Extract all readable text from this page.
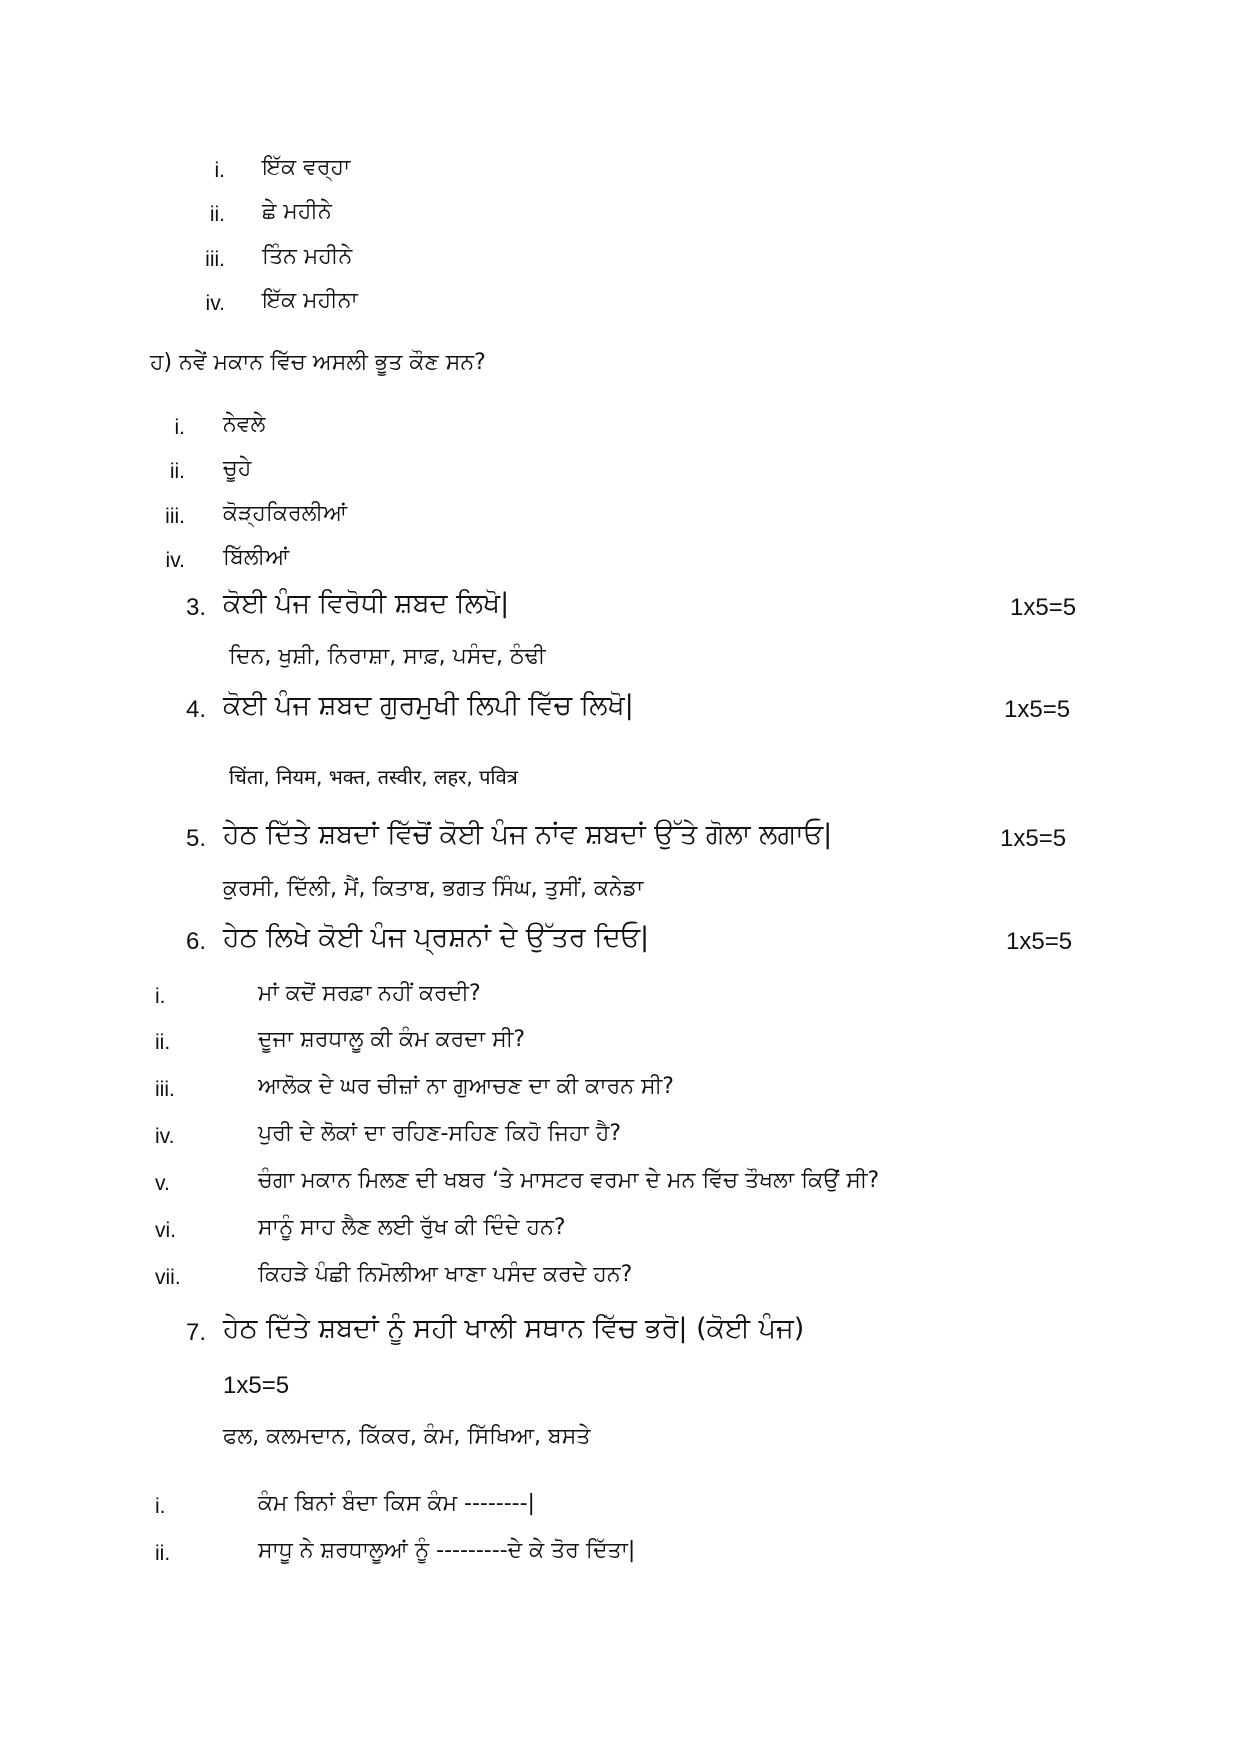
i. ਇੱਕ ਵਰ੍ਹਾ
ii. ਛੇ ਮਹੀਨੇ
iii. ਤਿੰਨ ਮਹੀਨੇ
iv. ਇੱਕ ਮਹੀਨਾ
ਹ) ਨਵੇਂ ਮਕਾਨ ਵਿੱਚ ਅਸਲੀ ਭੂਤ ਕੌਣ ਸਨ?
i. ਨੇਵਲੇ
ii. ਚੂਹੇ
iii. ਕੋੜ੍ਹਕਿਰਲੀਆਂ
iv. ਬਿੱਲੀਆਂ
3. ਕੋਈ ਪੰਜ ਵਿਰੋਧੀ ਸ਼ਬਦ ਲਿਖੋ|	1x5=5
ਦਿਨ, ਖੁਸ਼ੀ, ਨਿਰਾਸ਼ਾ, ਸਾਫ਼, ਪਸੰਦ, ਠੰਢੀ
4. ਕੋਈ ਪੰਜ ਸ਼ਬਦ ਗੁਰਮੁਖੀ ਲਿਪੀ ਵਿੱਚ ਲਿਖੋ|	1x5=5
चिंता, नियम, भक्त, तस्वीर, लहर, पवित्र
5. ਹੇਠ ਦਿੱਤੇ ਸ਼ਬਦਾਂ ਵਿੱਚੋਂ ਕੋਈ ਪੰਜ ਨਾਂਵ ਸ਼ਬਦਾਂ ਉੱਤੇ ਗੋਲਾ ਲਗਾਓ|	1x5=5
ਕੁਰਸੀ, ਦਿੱਲੀ, ਮੈਂ, ਕਿਤਾਬ, ਭਗਤ ਸਿੰਘ, ਤੁਸੀਂ, ਕਨੇਡਾ
6. ਹੇਠ ਲਿਖੇ ਕੋਈ ਪੰਜ ਪ੍ਰਸ਼ਨਾਂ ਦੇ ਉੱਤਰ ਦਿਓ|	1x5=5
i.	ਮਾਂ ਕਦੋਂ ਸਰਫ਼ਾ ਨਹੀਂ ਕਰਦੀ?
ii.	ਦੂਜਾ ਸ਼ਰਧਾਲੂ ਕੀ ਕੰਮ ਕਰਦਾ ਸੀ?
iii.	ਆਲੋਕ ਦੇ ਘਰ ਚੀਜ਼ਾਂ ਨਾ ਗੁਆਚਣ ਦਾ ਕੀ ਕਾਰਨ ਸੀ?
iv.	ਪੁਰੀ ਦੇ ਲੋਕਾਂ ਦਾ ਰਹਿਣ-ਸਹਿਣ ਕਿਹੋ ਜਿਹਾ ਹੈ?
v.	ਚੰਗਾ ਮਕਾਨ ਮਿਲਣ ਦੀ ਖਬਰ ‘ਤੇ ਮਾਸਟਰ ਵਰਮਾ ਦੇ ਮਨ ਵਿੱਚ ਤੌਖਲਾ ਕਿਉਂ ਸੀ?
vi.	ਸਾਨੂੰ ਸਾਹ ਲੈਣ ਲਈ ਰੁੱਖ ਕੀ ਦਿੰਦੇ ਹਨ?
vii.	ਕਿਹੜੇ ਪੰਛੀ ਨਿਮੋਲੀਆ ਖਾਣਾ ਪਸੰਦ ਕਰਦੇ ਹਨ?
7. ਹੇਠ ਦਿੱਤੇ ਸ਼ਬਦਾਂ ਨੂੰ ਸਹੀ ਖਾਲੀ ਸਥਾਨ ਵਿੱਚ ਭਰੋ| (ਕੋਈ ਪੰਜ)
1x5=5
ਫਲ, ਕਲਮਦਾਨ, ਕਿੱਕਰ, ਕੰਮ, ਸਿੱਖਿਆ, ਬਸਤੇ
i.	ਕੰਮ ਬਿਨਾਂ ਬੰਦਾ ਕਿਸ ਕੰਮ --------|
ii.	ਸਾਧੂ ਨੇ ਸ਼ਰਧਾਲੂਆਂ ਨੂੰ ---------ਦੇ ਕੇ ਤੋਰ ਦਿੱਤਾ|
